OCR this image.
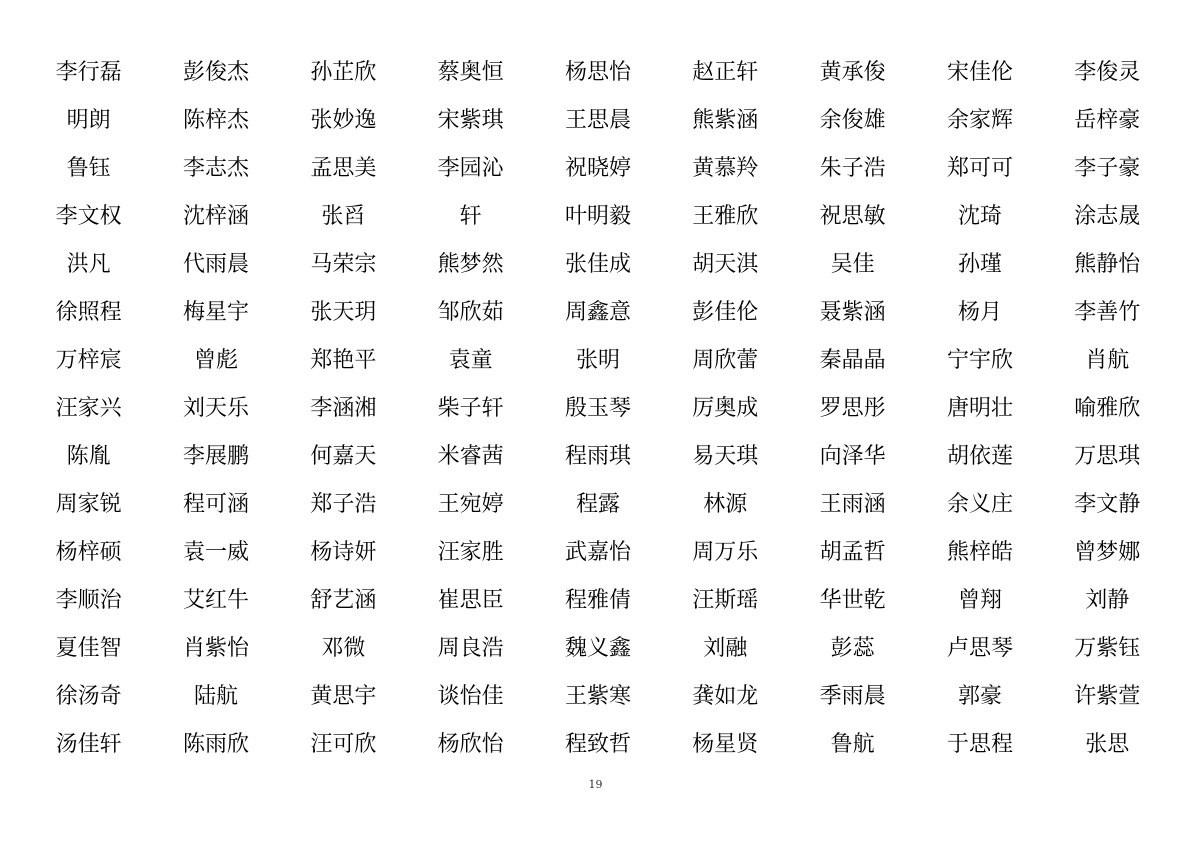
李行磊	彭俊杰	孙芷欣	蔡奥恒	杨思怡	赵正轩	黄承俊	宋佳伦	李俊灵
明朗	陈梓杰	张妙逸	宋紫琪	王思晨	熊紫涵	余俊雄	余家辉	岳梓豪
鲁钰	李志杰	孟思美	李园沁	祝晓婷	黄慕羚	朱子浩	郑可可	李子豪
李文权	沈梓涵	张舀	轩	叶明毅	王雅欣	祝思敏	沈琦	涂志晟
洪凡	代雨晨	马荣宗	熊梦然	张佳成	胡天淇	吴佳	孙瑾	熊静怡
徐照程	梅星宇	张天玥	邹欣茹	周鑫意	彭佳伦	聂紫涵	杨月	李善竹
万梓宸	曾彪	郑艳平	袁童	张明	周欣蕾	秦晶晶	宁宇欣	肖航
汪家兴	刘天乐	李涵湘	柴子轩	殷玉琴	厉奥成	罗思彤	唐明壮	喻雅欣
陈胤	李展鹏	何嘉天	米睿茜	程雨琪	易天琪	向泽华	胡依莲	万思琪
周家锐	程可涵	郑子浩	王宛婷	程露	林源	王雨涵	余义庄	李文静
杨梓硕	袁一威	杨诗妍	汪家胜	武嘉怡	周万乐	胡孟哲	熊梓皓	曾梦娜
李顺治	艾红牛	舒艺涵	崔思臣	程雅倩	汪斯瑶	华世乾	曾翔	刘静
夏佳智	肖紫怡	邓微	周良浩	魏义鑫	刘融	彭蕊	卢思琴	万紫钰
徐汤奇	陆航	黄思宇	谈怡佳	王紫寒	龚如龙	季雨晨	郭豪	许紫萱
汤佳轩	陈雨欣	汪可欣	杨欣怡	程致哲	杨星贤	鲁航	于思程	张思
19
